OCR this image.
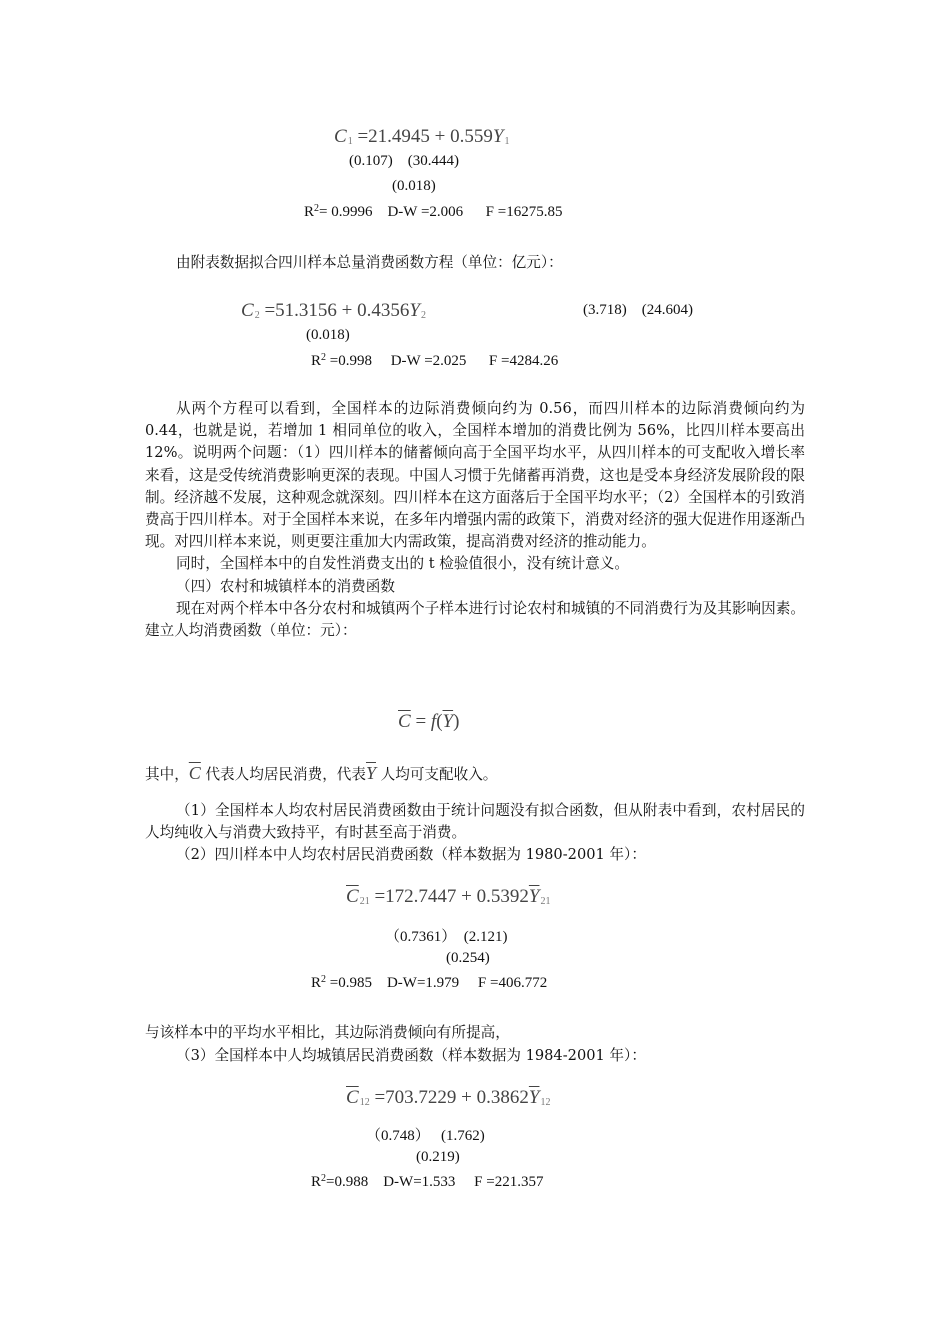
$C_1 =21.4945 + 0.559Y_1$
(0.107)    (30.444)
(0.018)
$R^2= 0.9996$    D-W =2.006      F =16275.85
由附表数据拟合四川样本总量消费函数方程（单位：亿元）：
$C_2 =51.3156 + 0.4356Y_2$	(3.718)    (24.604)
(0.018)
$R^2 =0.998$     D-W =2.025      F =4284.26
从两个方程可以看到，全国样本的边际消费倾向约为 0.56，而四川样本的边际消费倾向约为 0.44，也就是说，若增加 1 相同单位的收入，全国样本增加的消费比例为 56%，比四川样本要高出 12%。说明两个问题：（1）四川样本的储蓄倾向高于全国平均水平，从四川样本的可支配收入增长率来看，这是受传统消费影响更深的表现。中国人习惯于先储蓄再消费，这也是受本身经济发展阶段的限制。经济越不发展，这种观念就深刻。四川样本在这方面落后于全国平均水平；（2）全国样本的引致消费高于四川样本。对于全国样本来说，在多年内增强内需的政策下，消费对经济的强大促进作用逐渐凸现。对四川样本来说，则更要注重加大内需政策，提高消费对经济的推动能力。
同时，全国样本中的自发性消费支出的 t 检验值很小，没有统计意义。
（四）农村和城镇样本的消费函数
现在对两个样本中各分农村和城镇两个子样本进行讨论农村和城镇的不同消费行为及其影响因素。建立人均消费函数（单位：元）：
$\overline{C} = f(\overline{Y})$
其中，$\overline{C}$ 代表人均居民消费，代表$\overline{Y}$ 人均可支配收入。
（1）全国样本人均农村居民消费函数由于统计问题没有拟合函数，但从附表中看到，农村居民的人均纯收入与消费大致持平，有时甚至高于消费。
（2）四川样本中人均农村居民消费函数（样本数据为 1980-2001 年）：
$\overline{C}_{21} =172.7447 + 0.5392\overline{Y}_{21}$
（0.7361）  (2.121)
(0.254)
$R^2 =0.985$    D-W=1.979     F =406.772
与该样本中的平均水平相比，其边际消费倾向有所提高，
（3）全国样本中人均城镇居民消费函数（样本数据为 1984-2001 年）：
$\overline{C}_{12} =703.7229 + 0.3862\overline{Y}_{12}$
（0.748）   (1.762)
(0.219)
$R^2=0.988$    D-W=1.533     F =221.357
